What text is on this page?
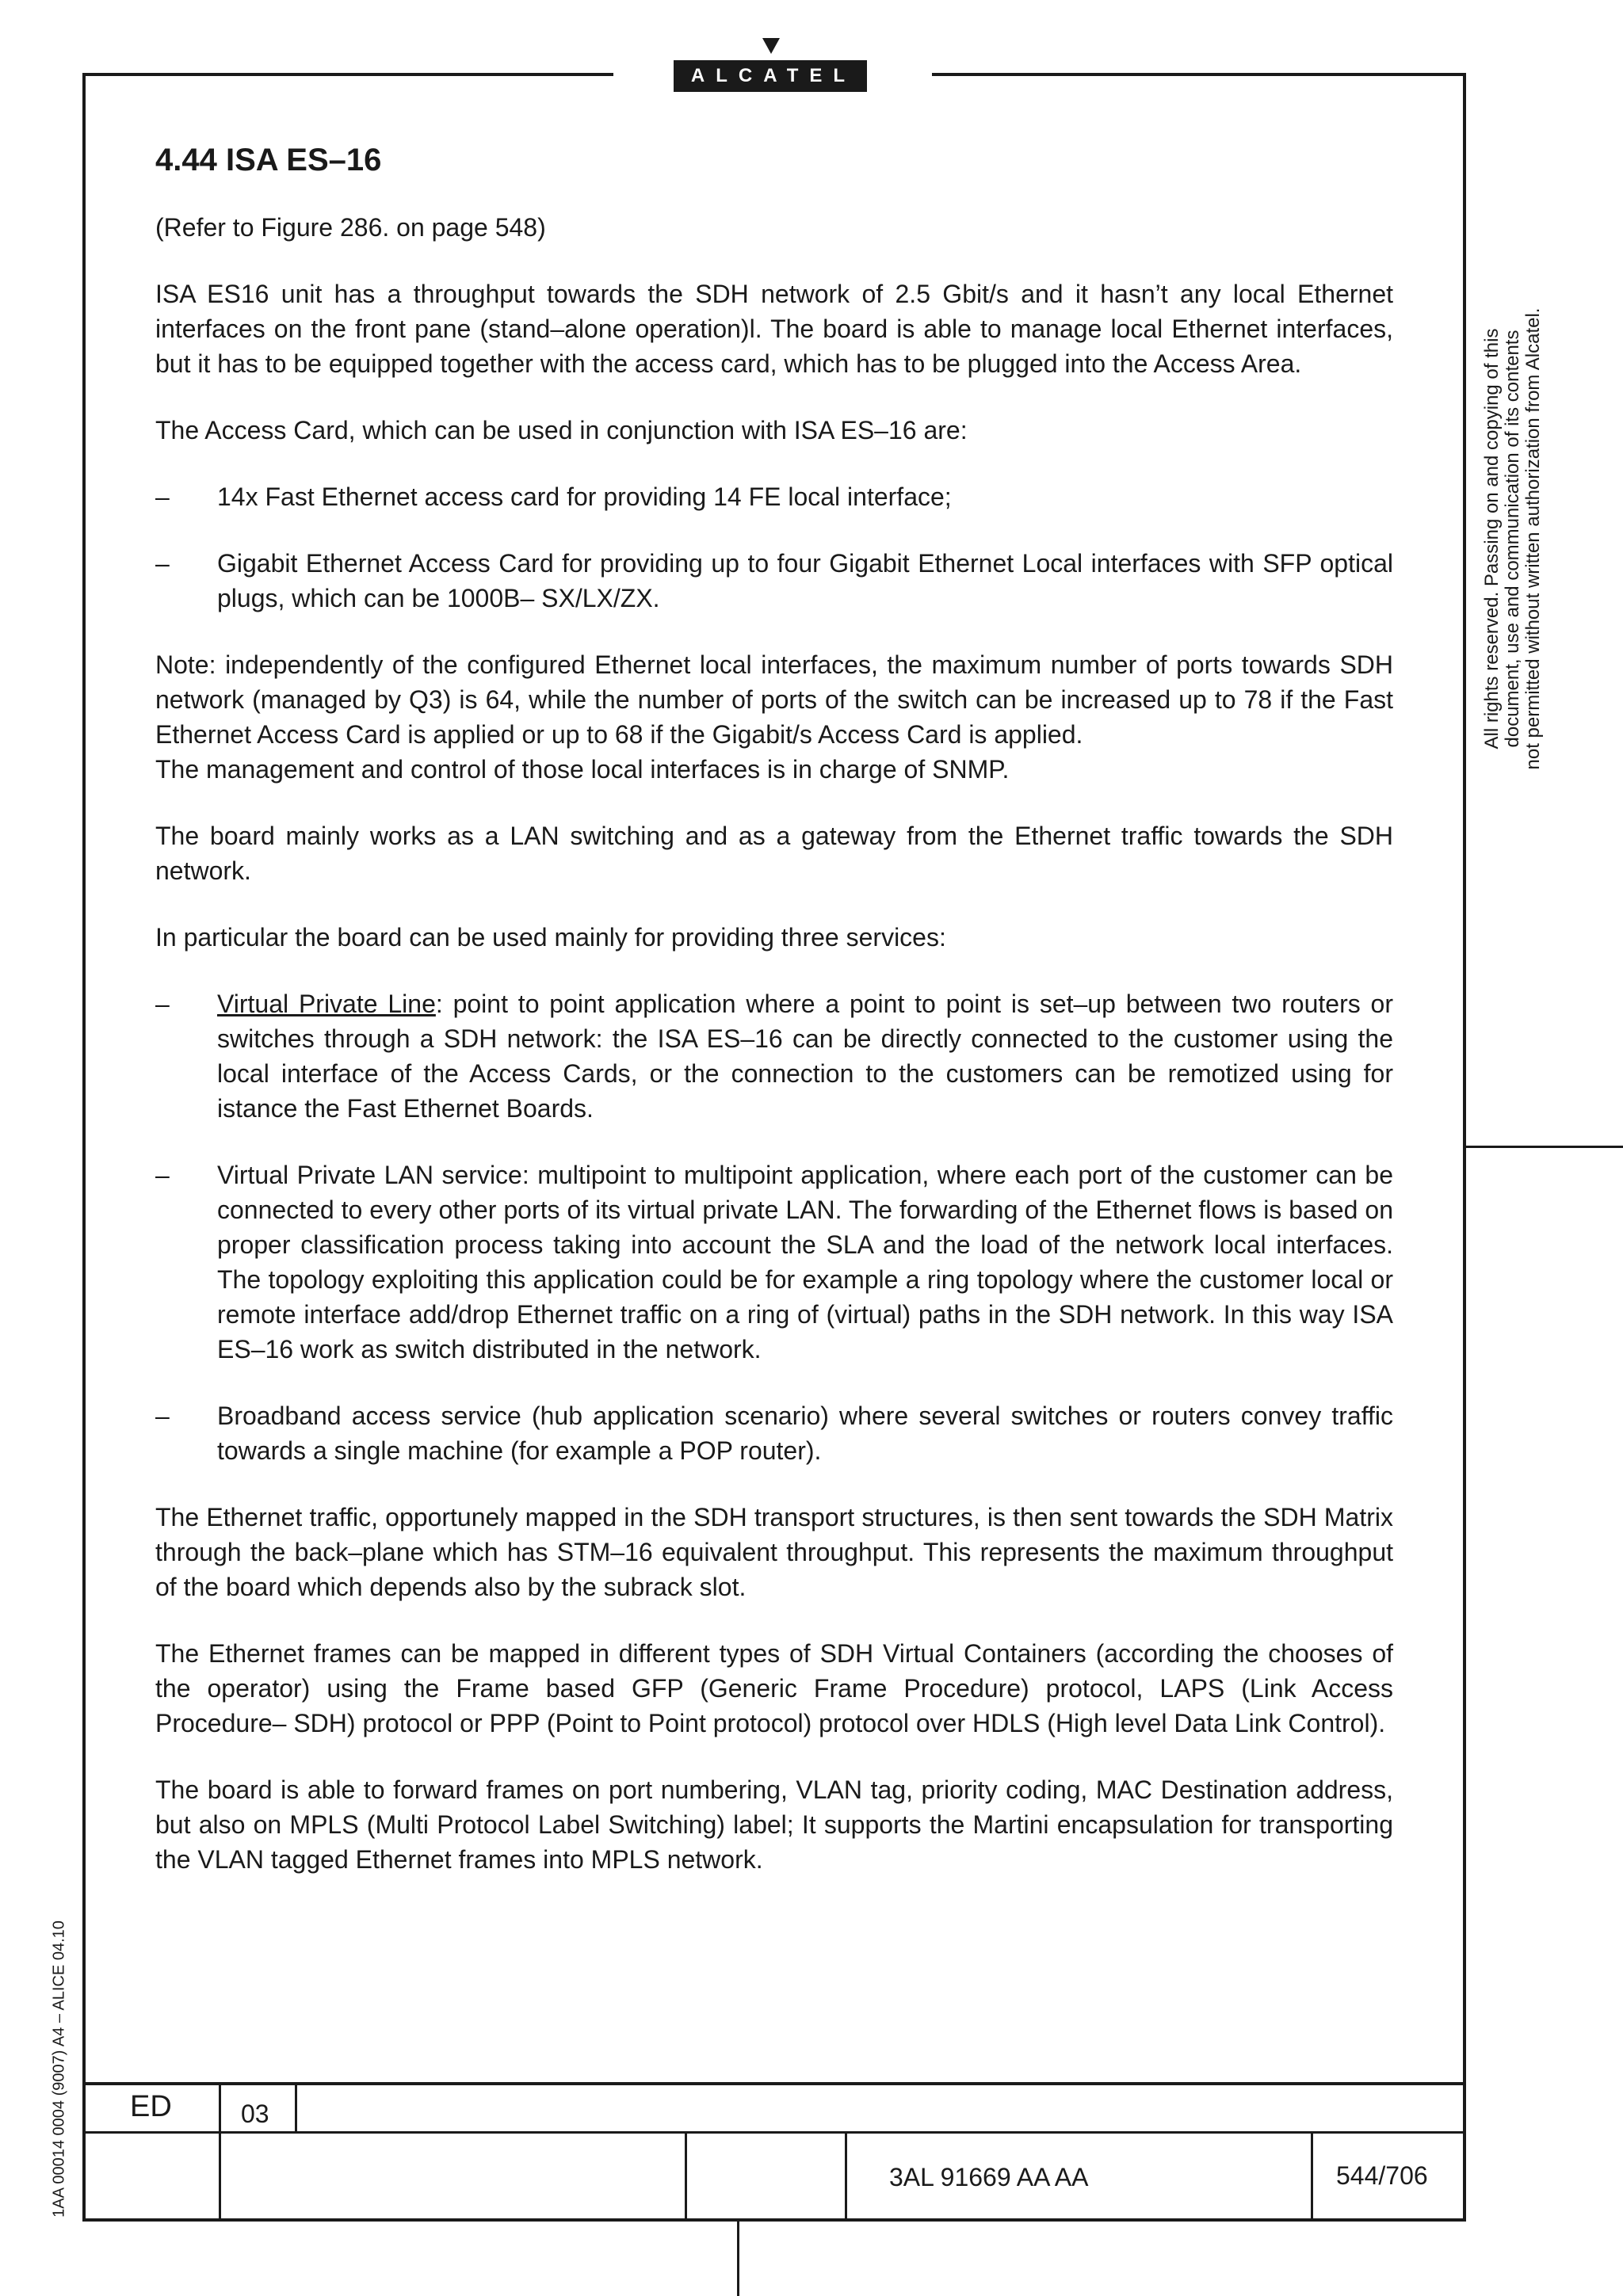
ALCATEL
4.44 ISA ES–16

(Refer to Figure 286. on page 548)

ISA ES16 unit has a throughput towards the SDH network of 2.5 Gbit/s and it hasn’t any local Ethernet interfaces on the front pane (stand–alone operation)l. The board is able to manage local Ethernet interfaces, but it has to be equipped together with the access card, which has to be plugged into the Access Area.

The Access Card, which can be used in conjunction with ISA ES–16 are:

– 14x Fast Ethernet access card for providing 14 FE local interface;
– Gigabit Ethernet Access Card for providing up to four Gigabit Ethernet Local interfaces with SFP optical plugs, which can be 1000B– SX/LX/ZX.

Note: independently of the configured Ethernet local interfaces, the maximum number of ports towards SDH network (managed by Q3) is 64, while the number of ports of the switch can be increased up to 78 if the Fast Ethernet Access Card is applied or up to 68 if the Gigabit/s Access Card is applied.
The management and control of those local interfaces is in charge of SNMP.

The board mainly works as a LAN switching and as a gateway from the Ethernet traffic towards the SDH network.

In particular the board can be used mainly for providing three services:

– Virtual Private Line: point to point application where a point to point is set–up between two routers or switches through a SDH network: the ISA ES–16 can be directly connected to the customer using the local interface of the Access Cards, or the connection to the customers can be remotized using for istance the Fast Ethernet Boards.
– Virtual Private LAN service: multipoint to multipoint application, where each port of the customer can be connected to every other ports of its virtual private LAN. The forwarding of the Ethernet flows is based on proper classification process taking into account the SLA and the load of the network local interfaces. The topology exploiting this application could be for example a ring topology where the customer local or remote interface add/drop Ethernet traffic on a ring of (virtual) paths in the SDH network. In this way ISA ES–16 work as switch distributed in the network.
– Broadband access service (hub application scenario) where several switches or routers convey traffic towards a single machine (for example a POP router).

The Ethernet traffic, opportunely mapped in the SDH transport structures, is then sent towards the SDH Matrix through the back–plane which has STM–16 equivalent throughput. This represents the maximum throughput of the board which depends also by the subrack slot.

The Ethernet frames can be mapped in different types of SDH Virtual Containers (according the chooses of the operator) using the Frame based GFP (Generic Frame Procedure) protocol, LAPS (Link Access Procedure– SDH) protocol or PPP (Point to Point protocol) protocol over HDLS (High level Data Link Control).

The board is able to forward frames on port numbering, VLAN tag, priority coding, MAC Destination address, but also on MPLS (Multi Protocol Label Switching) label; It supports the Martini encapsulation for transporting the VLAN tagged Ethernet frames into MPLS network.

All rights reserved. Passing on and copying of this document, use and communication of its contents not permitted without written authorization from Alcatel.
1AA 00014 0004 (9007) A4 – ALICE 04.10 ED	03
3AL 91669 AA AA	544/706
